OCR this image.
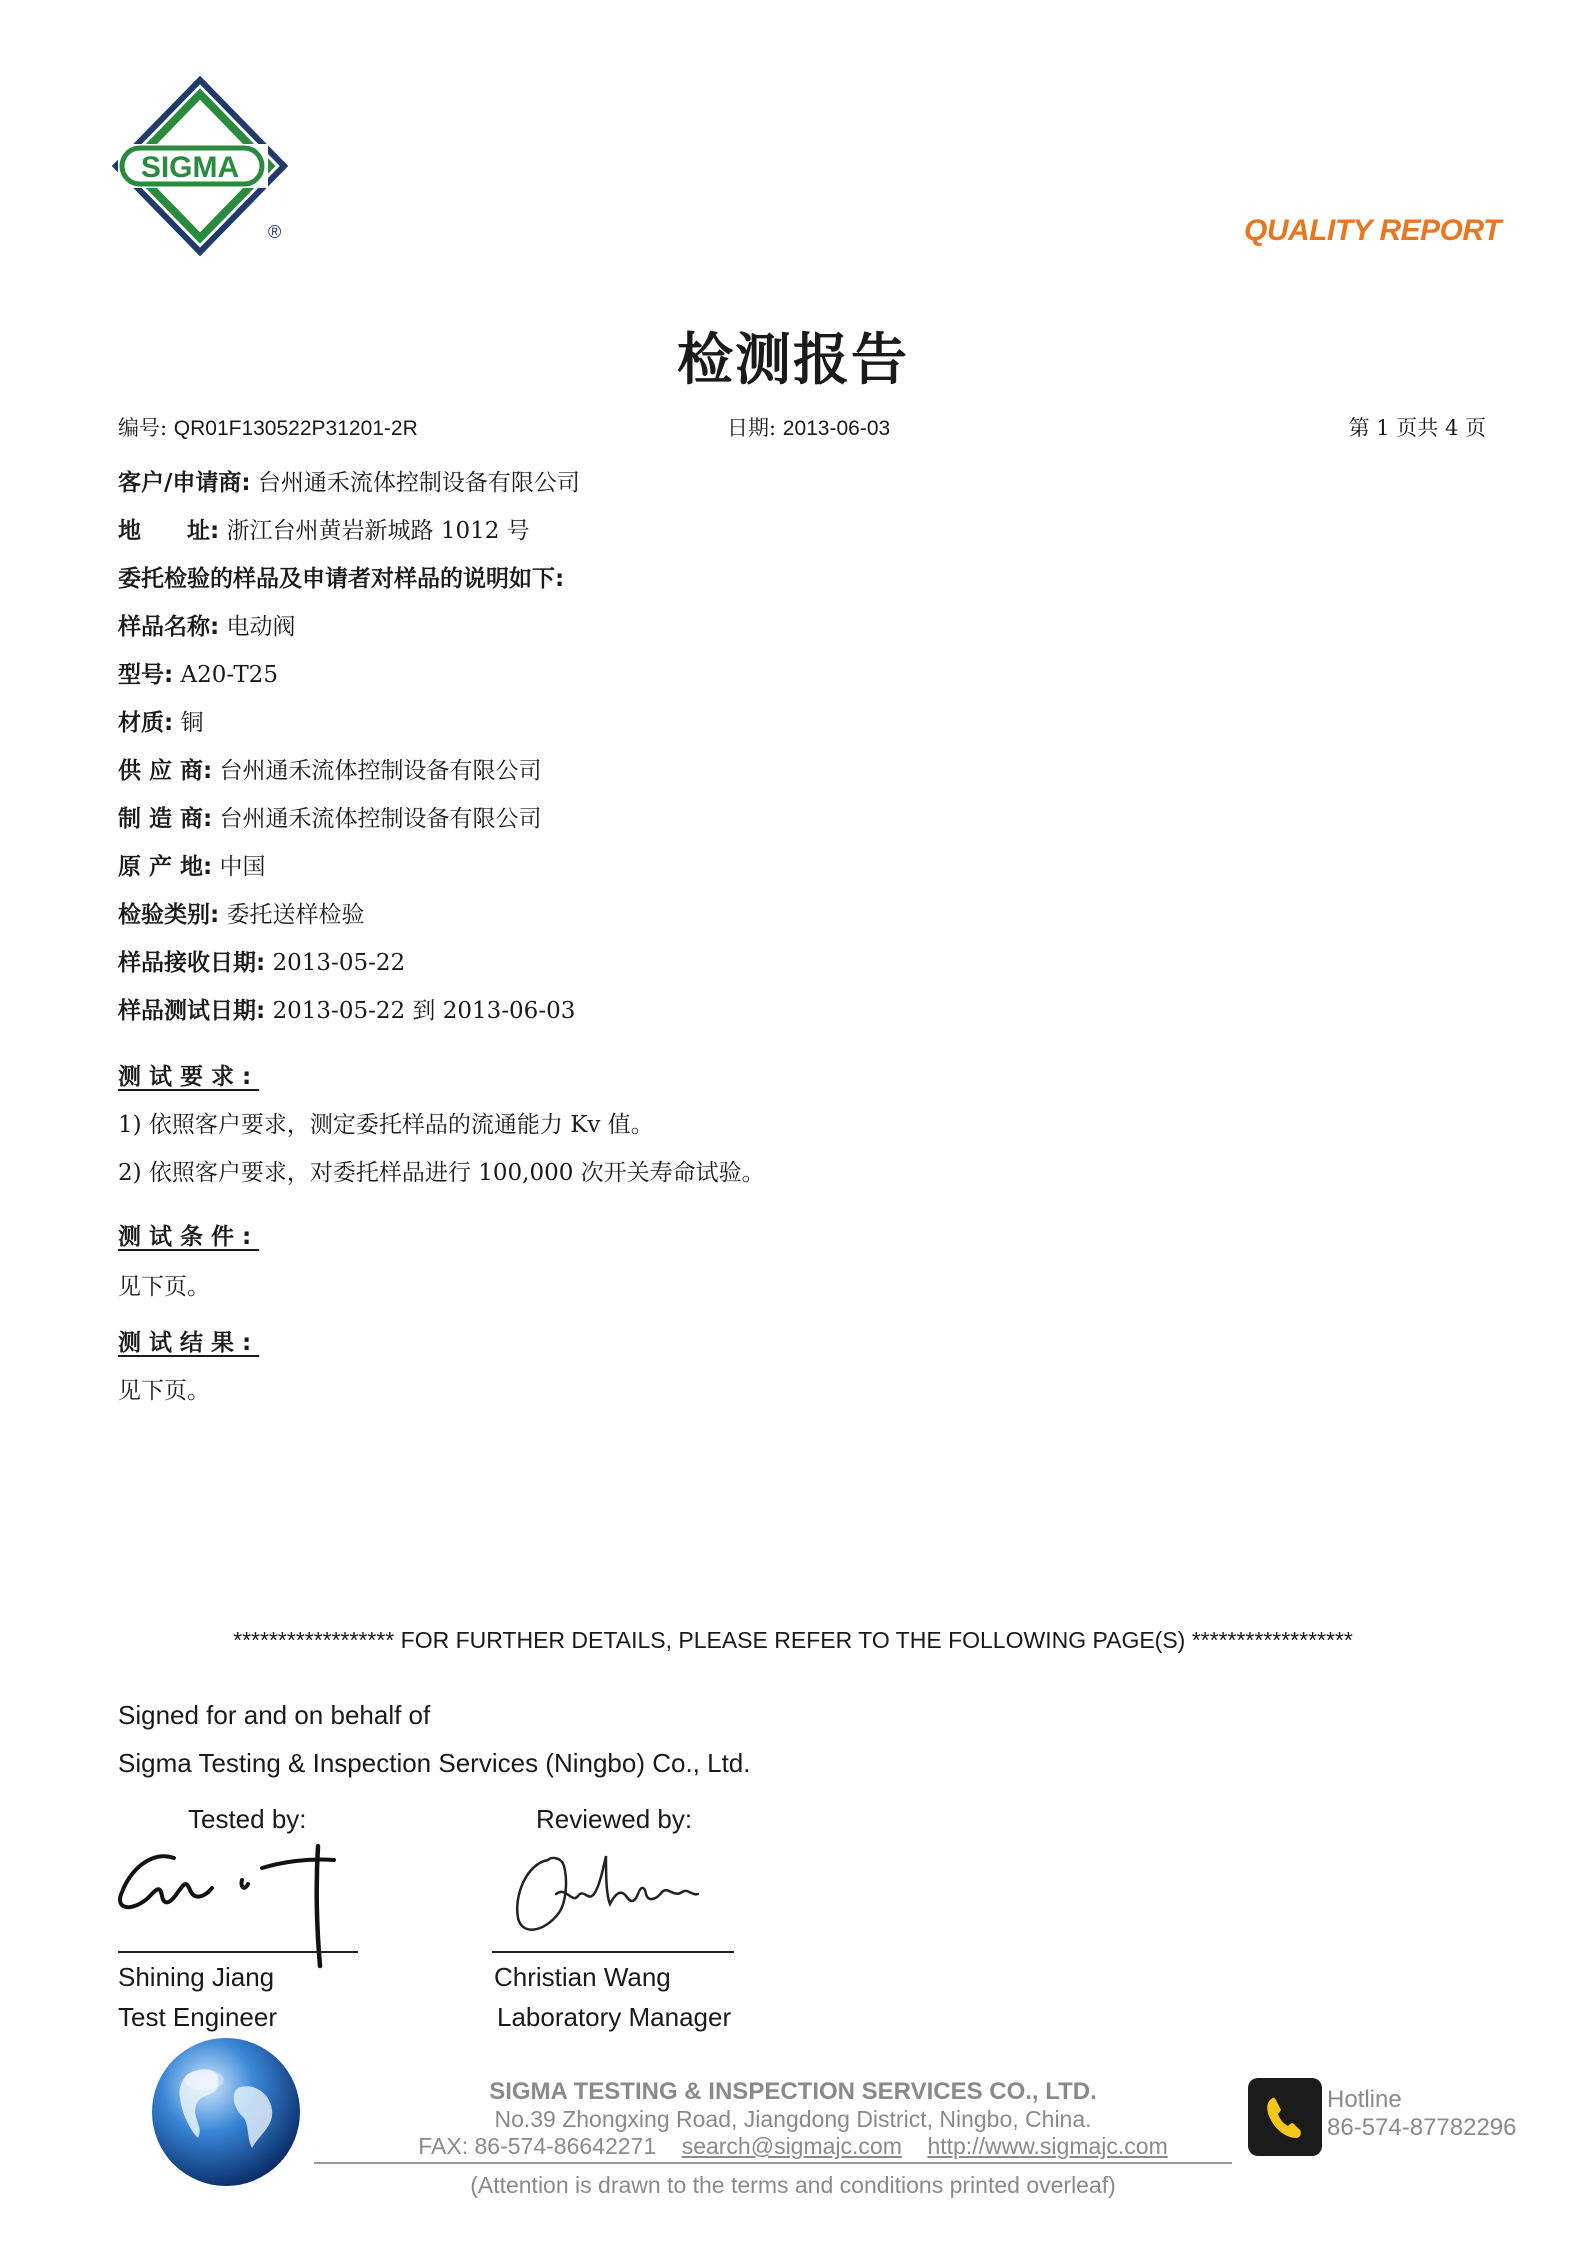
SIGMA
®	QUALITY REPORT
检测报告
编号: QR01F130522P31201-2R	日期: 2013-06-03	第 1 页共 4 页
客户/申请商: 台州通禾流体控制设备有限公司
地　　址: 浙江台州黄岩新城路 1012 号
委托检验的样品及申请者对样品的说明如下:
样品名称: 电动阀
型号: A20-T25
材质: 铜
供 应 商: 台州通禾流体控制设备有限公司
制 造 商: 台州通禾流体控制设备有限公司
原 产 地: 中国
检验类别: 委托送样检验
样品接收日期: 2013-05-22
样品测试日期: 2013-05-22 到 2013-06-03
测试要求:
1) 依照客户要求，测定委托样品的流通能力 Kv 值。
2) 依照客户要求，对委托样品进行 100,000 次开关寿命试验。
测试条件:
见下页。
测试结果:
见下页。
****************** FOR FURTHER DETAILS, PLEASE REFER TO THE FOLLOWING PAGE(S) ******************
Signed for and on behalf of
Sigma Testing & Inspection Services (Ningbo) Co., Ltd.
Tested by:	Reviewed by:
Shining Jiang
Test Engineer
Christian Wang
Laboratory Manager
SIGMA TESTING & INSPECTION SERVICES CO., LTD.
No.39 Zhongxing Road, Jiangdong District, Ningbo, China.
FAX: 86-574-86642271 search@sigmajc.com http://www.sigmajc.com
(Attention is drawn to the terms and conditions printed overleaf)
Hotline
86-574-87782296
